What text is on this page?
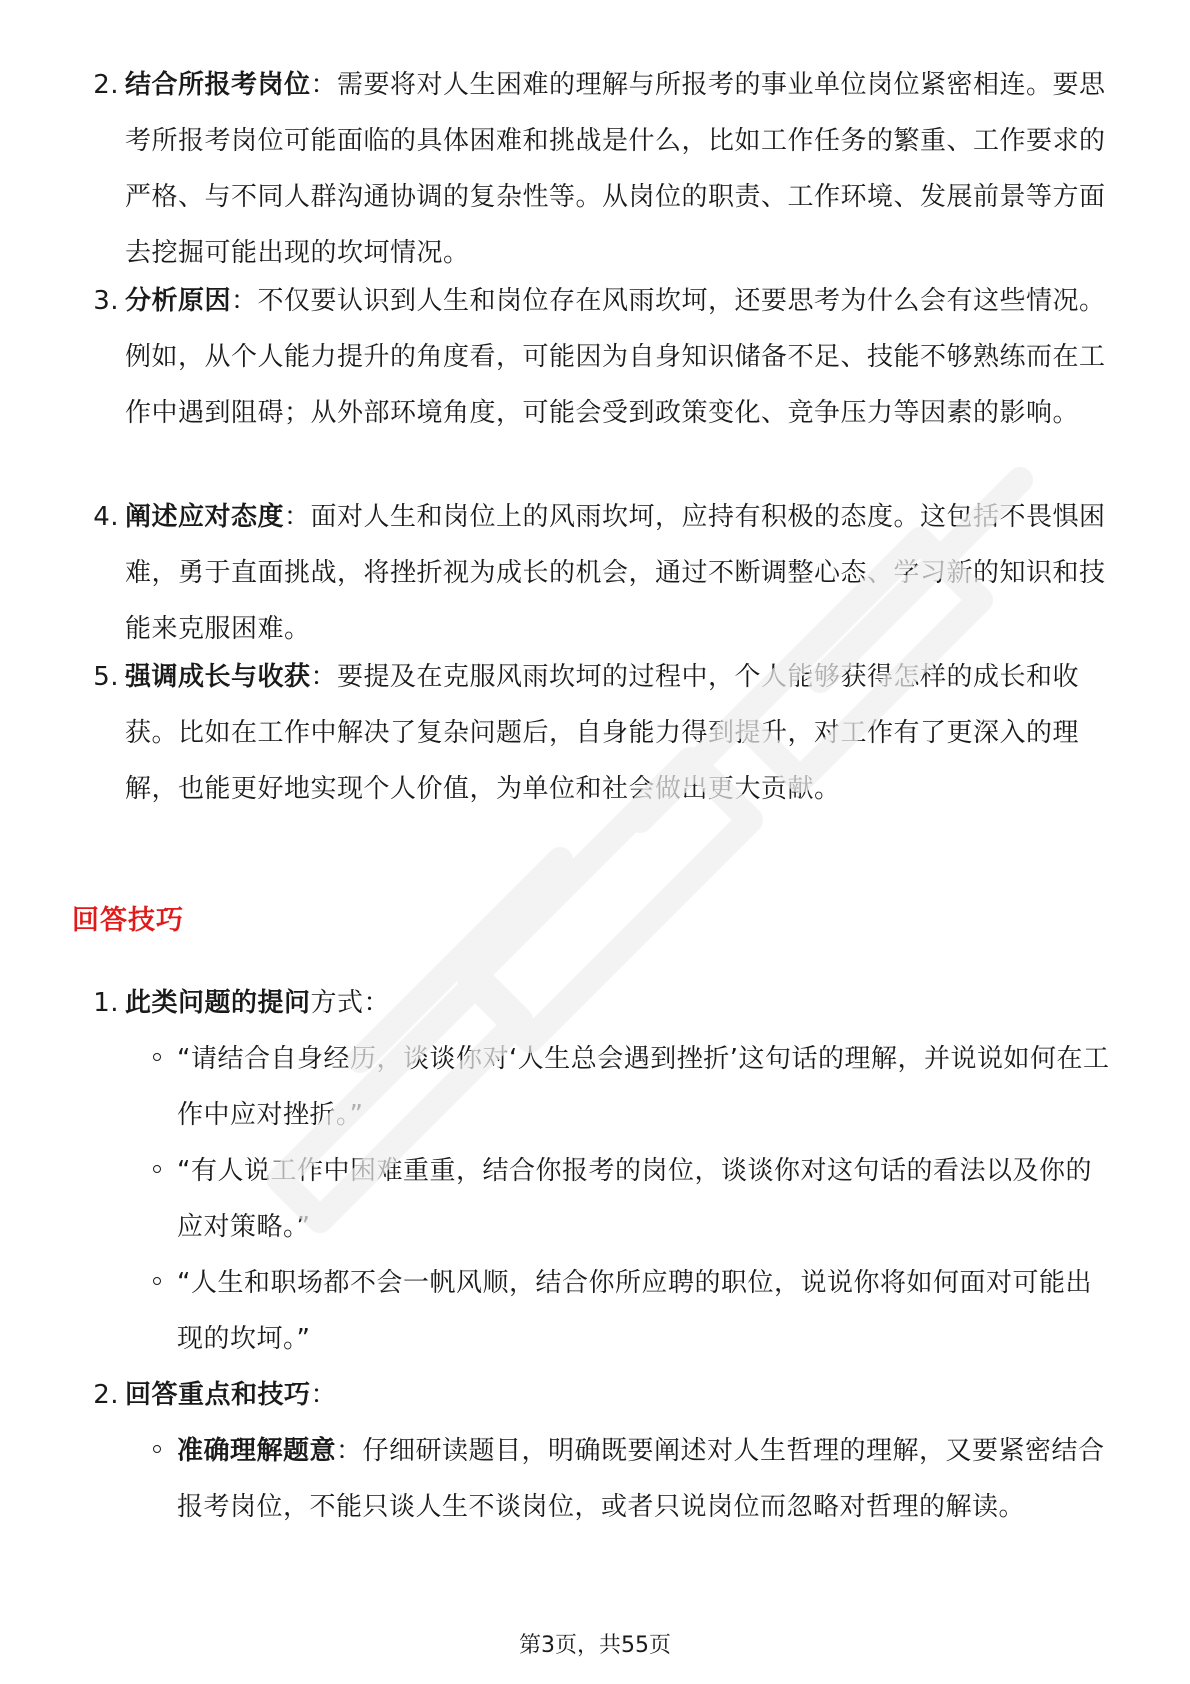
2. 结合所报考岗位：需要将对人生困难的理解与所报考的事业单位岗位紧密相连。要思考所报考岗位可能面临的具体困难和挑战是什么，比如工作任务的繁重、工作要求的严格、与不同人群沟通协调的复杂性等。从岗位的职责、工作环境、发展前景等方面去挖掘可能出现的坎坷情况。
3. 分析原因：不仅要认识到人生和岗位存在风雨坎坷，还要思考为什么会有这些情况。例如，从个人能力提升的角度看，可能因为自身知识储备不足、技能不够熟练而在工作中遇到阻碍；从外部环境角度，可能会受到政策变化、竞争压力等因素的影响。
4. 阐述应对态度：面对人生和岗位上的风雨坎坷，应持有积极的态度。这包括不畏惧困难，勇于直面挑战，将挫折视为成长的机会，通过不断调整心态、学习新的知识和技能来克服困难。
5. 强调成长与收获：要提及在克服风雨坎坷的过程中，个人能够获得怎样的成长和收获。比如在工作中解决了复杂问题后，自身能力得到提升，对工作有了更深入的理解，也能更好地实现个人价值，为单位和社会做出更大贡献。
回答技巧
1. 此类问题的提问方式：
“请结合自身经历，谈谈你对‘人生总会遇到挫折’这句话的理解，并说说如何在工作中应对挫折。”
“有人说工作中困难重重，结合你报考的岗位，谈谈你对这句话的看法以及你的应对策略。”
“人生和职场都不会一帆风顺，结合你所应聘的职位，说说你将如何面对可能出现的坎坷。”
2. 回答重点和技巧：
准确理解题意：仔细研读题目，明确既要阐述对人生哲理的理解，又要紧密结合报考岗位，不能只谈人生不谈岗位，或者只说岗位而忽略对哲理的解读。
第3页，共55页
